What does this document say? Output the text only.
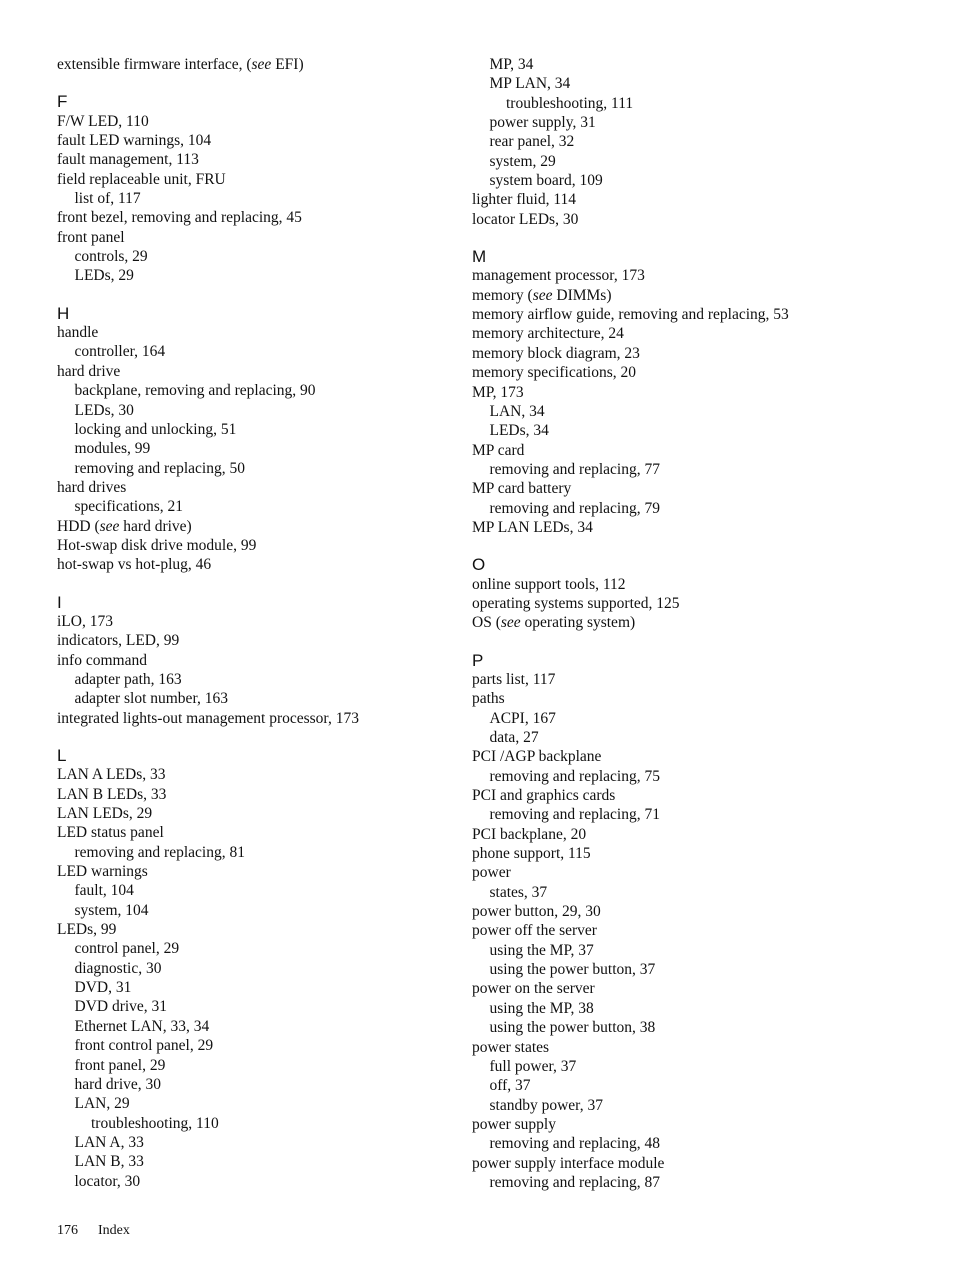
extensible firmware interface, (see EFI)
F
F/W LED, 110
fault LED warnings, 104
fault management, 113
field replaceable unit, FRU
list of, 117
front bezel, removing and replacing, 45
front panel
controls, 29
LEDs, 29
H
handle
controller, 164
hard drive
backplane, removing and replacing, 90
LEDs, 30
locking and unlocking, 51
modules, 99
removing and replacing, 50
hard drives
specifications, 21
HDD (see hard drive)
Hot-swap disk drive module, 99
hot-swap vs hot-plug, 46
I
iLO, 173
indicators, LED, 99
info command
adapter path, 163
adapter slot number, 163
integrated lights-out management processor, 173
L
LAN A LEDs, 33
LAN B LEDs, 33
LAN LEDs, 29
LED status panel
removing and replacing, 81
LED warnings
fault, 104
system, 104
LEDs, 99
control panel, 29
diagnostic, 30
DVD, 31
DVD drive, 31
Ethernet LAN, 33, 34
front control panel, 29
front panel, 29
hard drive, 30
LAN, 29
troubleshooting, 110
LAN A, 33
LAN B, 33
locator, 30
MP, 34
MP LAN, 34
troubleshooting, 111
power supply, 31
rear panel, 32
system, 29
system board, 109
lighter fluid, 114
locator LEDs, 30
M
management processor, 173
memory (see DIMMs)
memory airflow guide, removing and replacing, 53
memory architecture, 24
memory block diagram, 23
memory specifications, 20
MP, 173
LAN, 34
LEDs, 34
MP card
removing and replacing, 77
MP card battery
removing and replacing, 79
MP LAN LEDs, 34
O
online support tools, 112
operating systems supported, 125
OS (see operating system)
P
parts list, 117
paths
ACPI, 167
data, 27
PCI /AGP backplane
removing and replacing, 75
PCI and graphics cards
removing and replacing, 71
PCI backplane, 20
phone support, 115
power
states, 37
power button, 29, 30
power off the server
using the MP, 37
using the power button, 37
power on the server
using the MP, 38
using the power button, 38
power states
full power, 37
off, 37
standby power, 37
power supply
removing and replacing, 48
power supply interface module
removing and replacing, 87
176 Index
